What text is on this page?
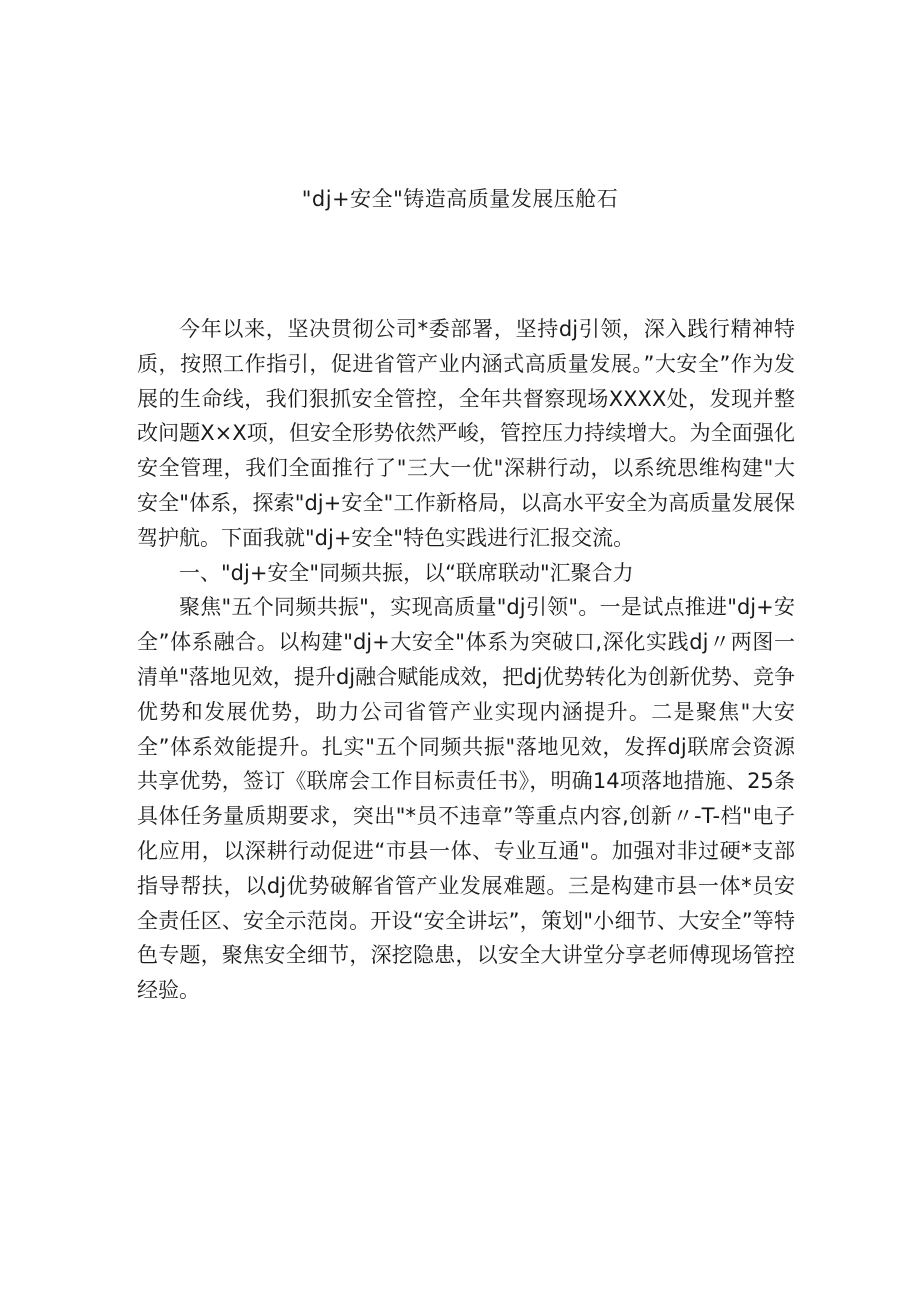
"dj+安全"铸造高质量发展压舱石

今年以来，坚决贯彻公司*委部署，坚持dj引领，深入践行精神特质，按照工作指引，促进省管产业内涵式高质量发展。”大安全”作为发展的生命线，我们狠抓安全管控，全年共督察现场XXXX处，发现并整改问题X×X项，但安全形势依然严峻，管控压力持续增大。为全面强化安全管理，我们全面推行了"三大一优"深耕行动，以系统思维构建"大安全"体系，探索"dj+安全"工作新格局，以高水平安全为高质量发展保驾护航。下面我就"dj+安全"特色实践进行汇报交流。

一、"dj+安全"同频共振，以“联席联动"汇聚合力

聚焦"五个同频共振"，实现高质量"dj引领"。一是试点推进"dj+安全”体系融合。以构建"dj+大安全"体系为突破口,深化实践dj〃两图一清单"落地见效，提升dj融合赋能成效，把dj优势转化为创新优势、竞争优势和发展优势，助力公司省管产业实现内涵提升。二是聚焦"大安全”体系效能提升。扎实"五个同频共振"落地见效，发挥dj联席会资源共享优势，签订《联席会工作目标责任书》，明确14项落地措施、25条具体任务量质期要求，突出"*员不违章”等重点内容,创新〃-T-档"电子化应用，以深耕行动促进“市县一体、专业互通"。加强对非过硬*支部指导帮扶，以dj优势破解省管产业发展难题。三是构建市县一体*员安全责任区、安全示范岗。开设“安全讲坛”，策划"小细节、大安全”等特色专题，聚焦安全细节，深挖隐患，以安全大讲堂分享老师傅现场管控经验。
